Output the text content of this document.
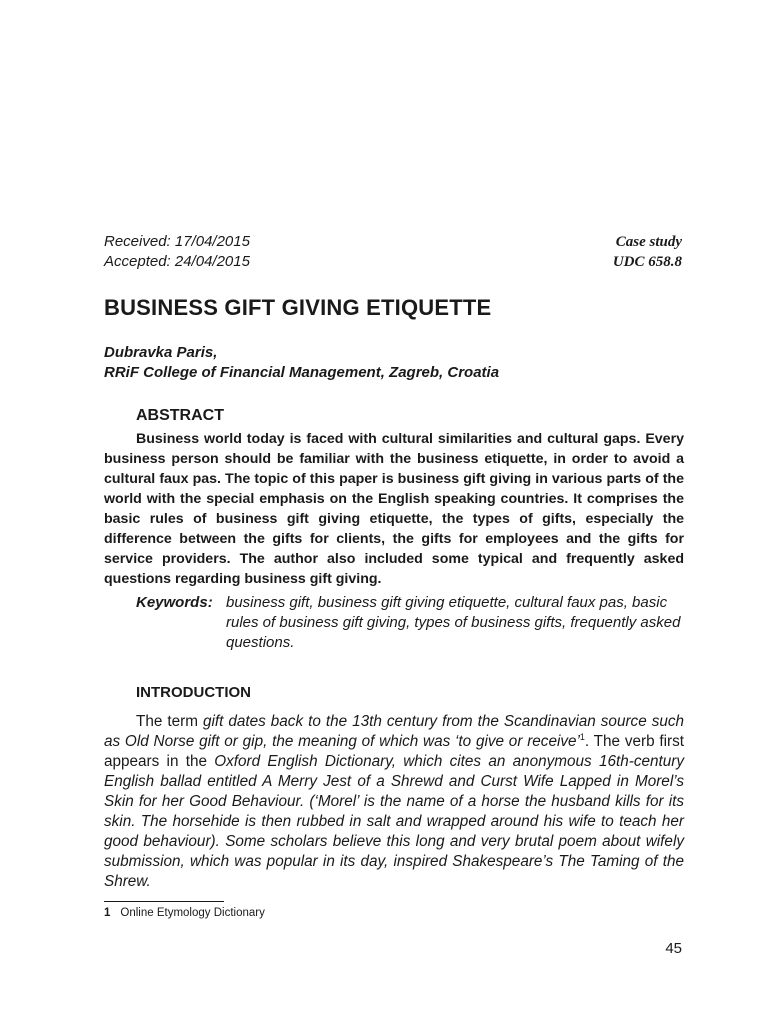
Received: 17/04/2015
Accepted: 24/04/2015
Case study
UDC 658.8
BUSINESS GIFT GIVING ETIQUETTE
Dubravka Paris,
RRiF College of Financial Management, Zagreb, Croatia
ABSTRACT

Business world today is faced with cultural similarities and cultural gaps. Every business person should be familiar with the business etiquette, in order to avoid a cultural faux pas. The topic of this paper is business gift giving in various parts of the world with the special emphasis on the English speaking countries. It comprises the basic rules of business gift giving etiquette, the types of gifts, especially the difference between the gifts for clients, the gifts for employees and the gifts for service providers. The author also included some typical and frequently asked questions regarding business gift giving.

Keywords: business gift, business gift giving etiquette, cultural faux pas, basic rules of business gift giving, types of business gifts, frequently asked questions.
INTRODUCTION

The term gift dates back to the 13th century from the Scandinavian source such as Old Norse gift or gip, the meaning of which was ‘to give or receive’$^1$. The verb first appears in the Oxford English Dictionary, which cites an anonymous 16th-century English ballad entitled A Merry Jest of a Shrewd and Curst Wife Lapped in Morel’s Skin for her Good Behaviour. (‘Morel’ is the name of a horse the husband kills for its skin. The horsehide is then rubbed in salt and wrapped around his wife to teach her good behaviour). Some scholars believe this long and very brutal poem about wifely submission, which was popular in its day, inspired Shakespeare’s The Taming of the Shrew.

1 Online Etymology Dictionary
45
